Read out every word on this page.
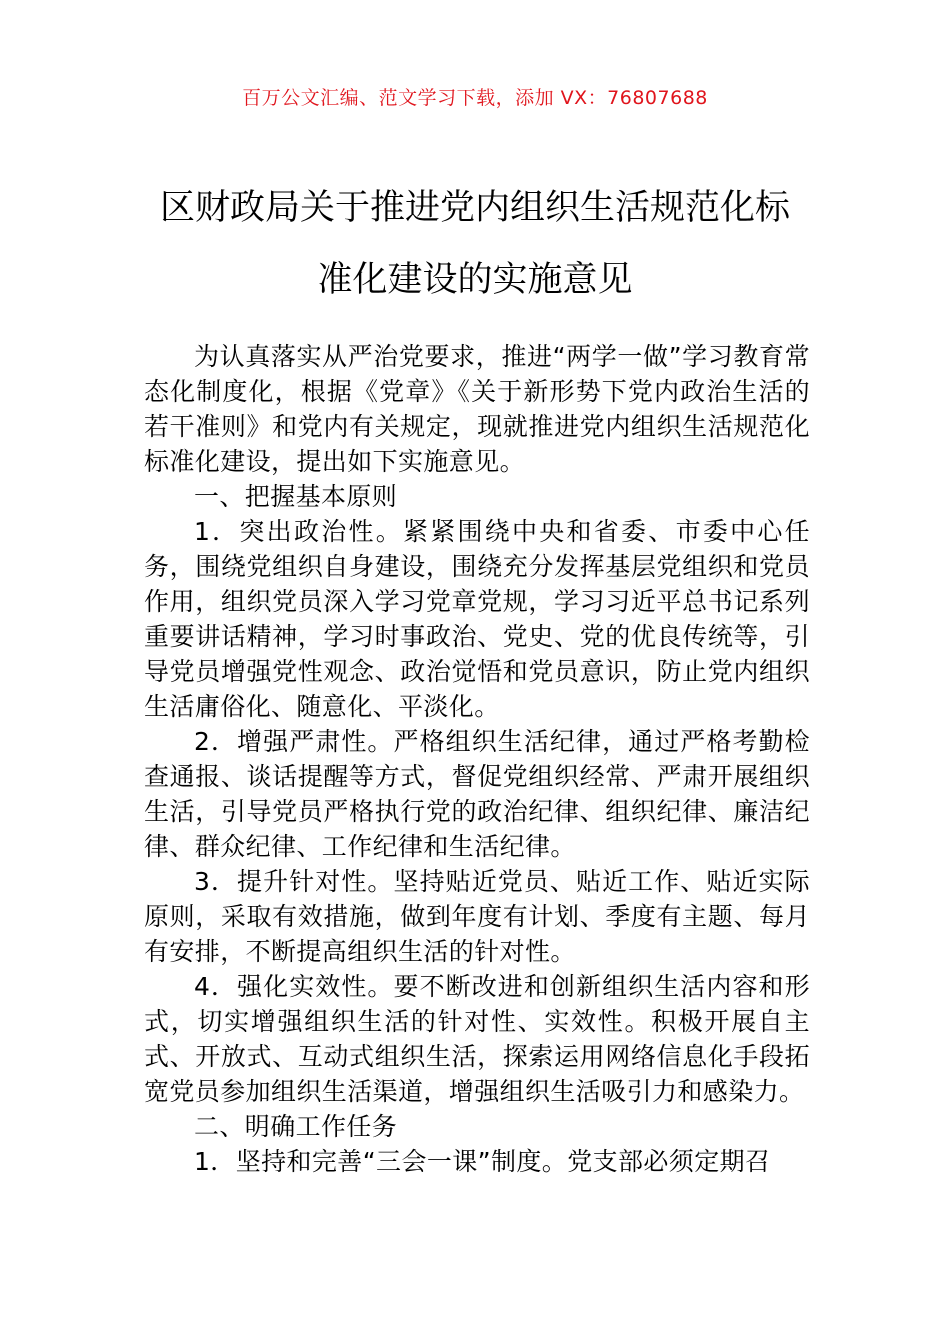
百万公文汇编、范文学习下载，添加 VX：76807688
区财政局关于推进党内组织生活规范化标
准化建设的实施意见

为认真落实从严治党要求，推进“两学一做”学习教育常态化制度化，根据《党章》《关于新形势下党内政治生活的若干准则》和党内有关规定，现就推进党内组织生活规范化标准化建设，提出如下实施意见。

一、把握基本原则

1．突出政治性。紧紧围绕中央和省委、市委中心任务，围绕党组织自身建设，围绕充分发挥基层党组织和党员作用，组织党员深入学习党章党规，学习习近平总书记系列重要讲话精神，学习时事政治、党史、党的优良传统等，引导党员增强党性观念、政治觉悟和党员意识，防止党内组织生活庸俗化、随意化、平淡化。

2．增强严肃性。严格组织生活纪律，通过严格考勤检查通报、谈话提醒等方式，督促党组织经常、严肃开展组织生活，引导党员严格执行党的政治纪律、组织纪律、廉洁纪律、群众纪律、工作纪律和生活纪律。

3．提升针对性。坚持贴近党员、贴近工作、贴近实际原则，采取有效措施，做到年度有计划、季度有主题、每月有安排，不断提高组织生活的针对性。

4．强化实效性。要不断改进和创新组织生活内容和形式，切实增强组织生活的针对性、实效性。积极开展自主式、开放式、互动式组织生活，探索运用网络信息化手段拓宽党员参加组织生活渠道，增强组织生活吸引力和感染力。

二、明确工作任务

1．坚持和完善“三会一课”制度。党支部必须定期召
